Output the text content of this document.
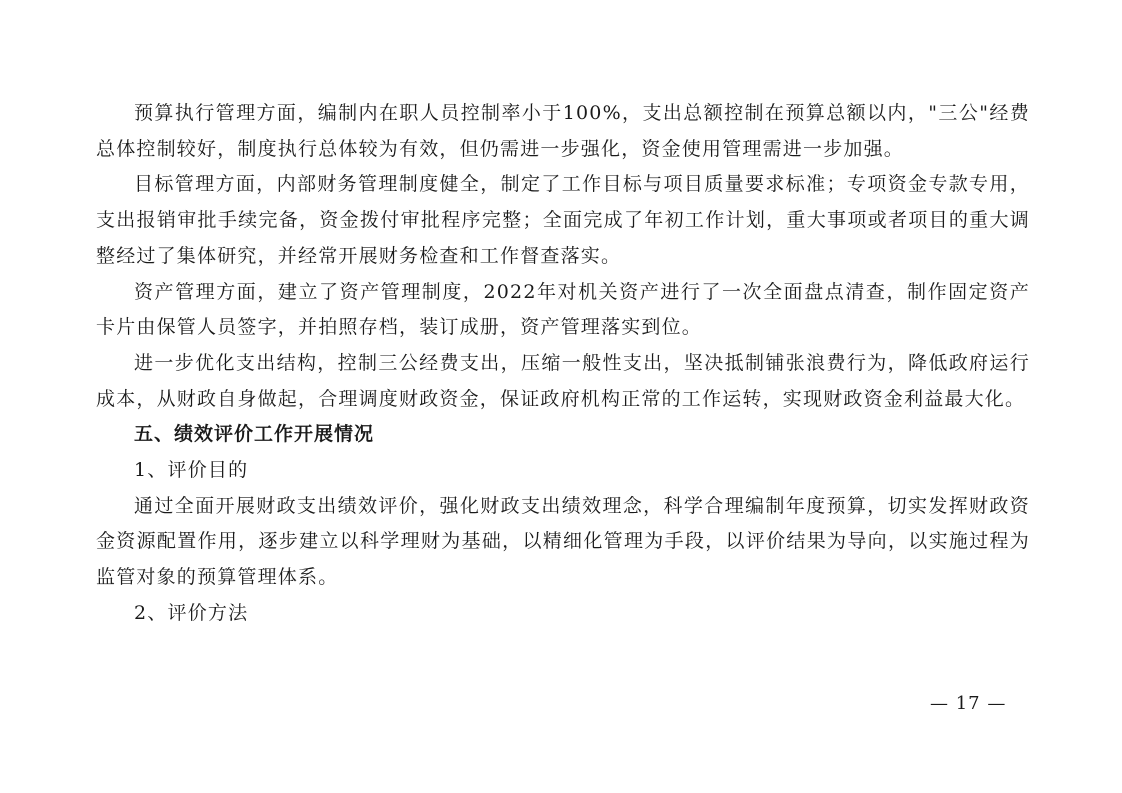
预算执行管理方面，编制内在职人员控制率小于100%，支出总额控制在预算总额以内，"三公"经费总体控制较好，制度执行总体较为有效，但仍需进一步强化，资金使用管理需进一步加强。

目标管理方面，内部财务管理制度健全，制定了工作目标与项目质量要求标准；专项资金专款专用，支出报销审批手续完备，资金拨付审批程序完整；全面完成了年初工作计划，重大事项或者项目的重大调整经过了集体研究，并经常开展财务检查和工作督查落实。

资产管理方面，建立了资产管理制度，2022年对机关资产进行了一次全面盘点清查，制作固定资产卡片由保管人员签字，并拍照存档，装订成册，资产管理落实到位。

进一步优化支出结构，控制三公经费支出，压缩一般性支出，坚决抵制铺张浪费行为，降低政府运行成本，从财政自身做起，合理调度财政资金，保证政府机构正常的工作运转，实现财政资金利益最大化。

五、绩效评价工作开展情况

1、评价目的

通过全面开展财政支出绩效评价，强化财政支出绩效理念，科学合理编制年度预算，切实发挥财政资金资源配置作用，逐步建立以科学理财为基础，以精细化管理为手段，以评价结果为导向，以实施过程为监管对象的预算管理体系。

2、评价方法

— 17 —
